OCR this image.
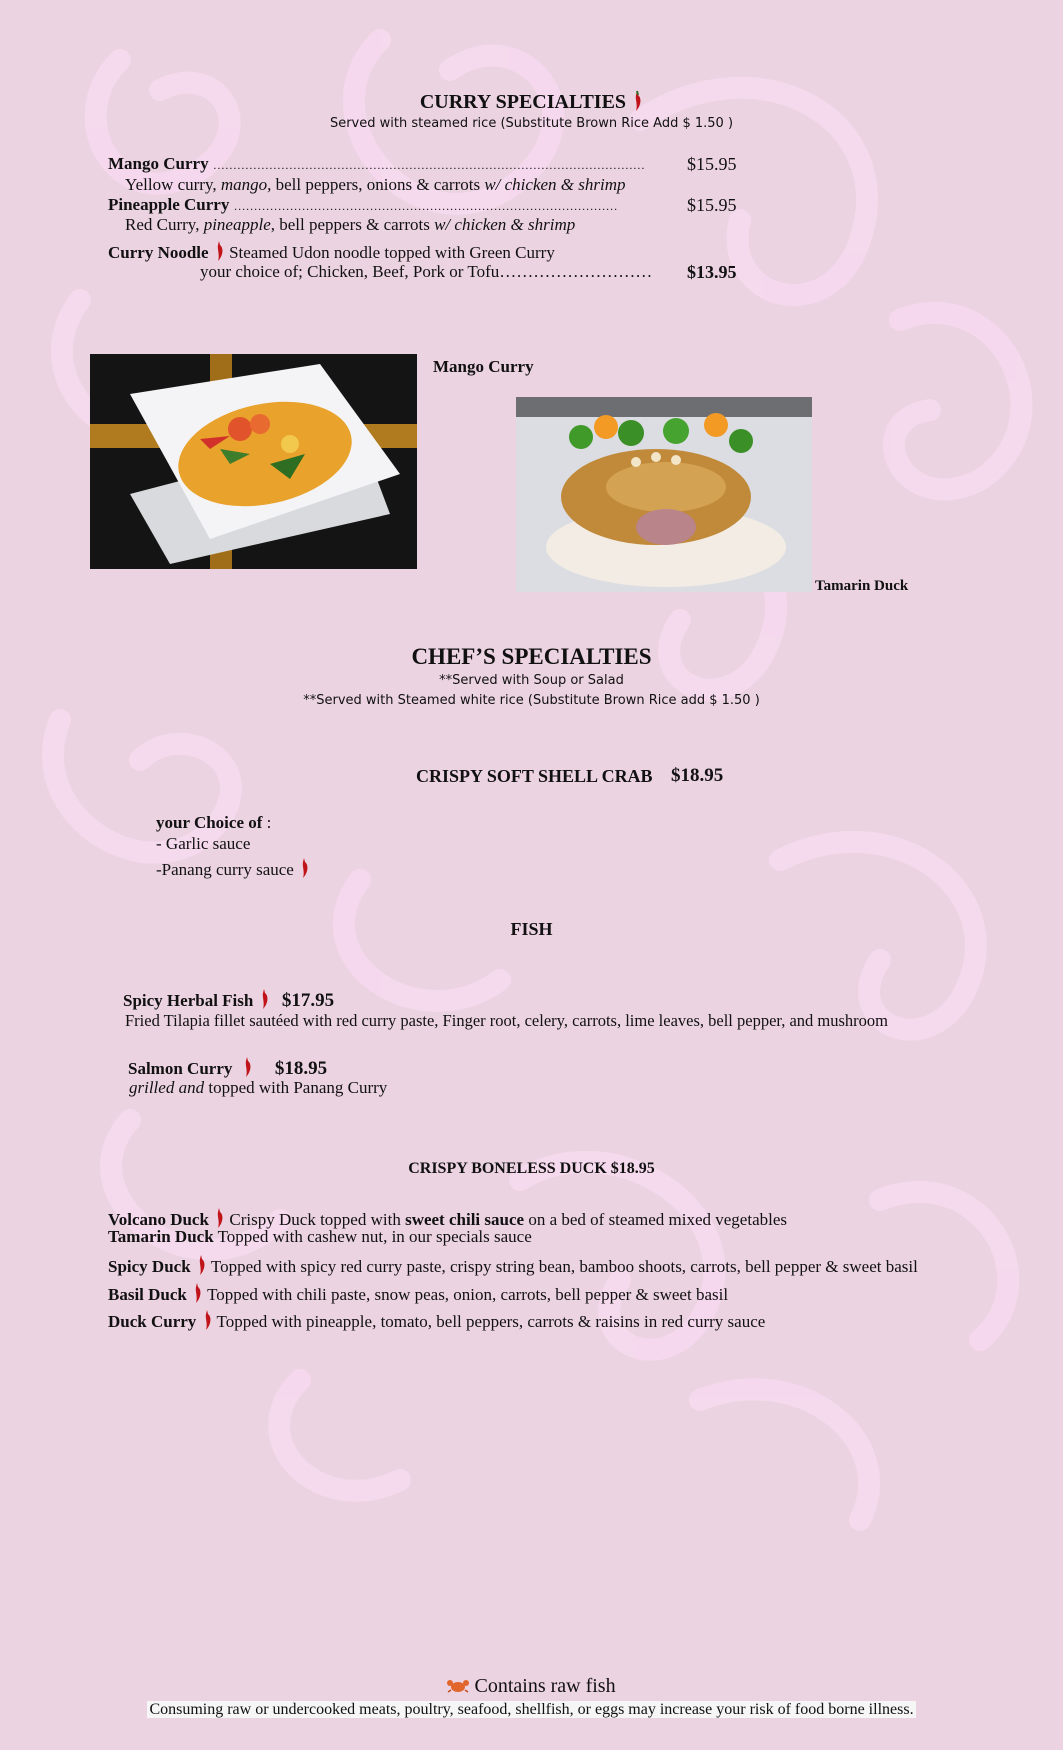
CURRY SPECIALTIES
Served with steamed rice (Substitute Brown Rice Add $ 1.50 )
Mango Curry ……………………………………………………………………………………………… $15.95
Yellow curry, mango, bell peppers, onions & carrots w/ chicken & shrimp
Pineapple Curry ……………………………………………………………………………………	$15.95
Red Curry, pineapple, bell peppers & carrots w/ chicken & shrimp
Curry Noodle Steamed Udon noodle topped with Green Curry
your choice of; Chicken, Beef, Pork or Tofu……………………… $13.95
Mango Curry
Tamarin Duck
CHEF’S SPECIALTIES
**Served with Soup or Salad
**Served with Steamed white rice (Substitute Brown Rice add $ 1.50 )
CRISPY SOFT SHELL CRAB $18.95
your Choice of :
- Garlic sauce
-Panang curry sauce
FISH
Spicy Herbal Fish $17.95
Fried Tilapia fillet sautéed with red curry paste, Finger root, celery, carrots, lime leaves, bell pepper, and mushroom
Salmon Curry $18.95
grilled and topped with Panang Curry
CRISPY BONELESS DUCK $18.95
Volcano Duck Crispy Duck topped with sweet chili sauce on a bed of steamed mixed vegetables
Tamarin Duck Topped with cashew nut, in our specials sauce
Spicy Duck Topped with spicy red curry paste, crispy string bean, bamboo shoots, carrots, bell pepper & sweet basil
Basil Duck Topped with chili paste, snow peas, onion, carrots, bell pepper & sweet basil
Duck Curry Topped with pineapple, tomato, bell peppers, carrots & raisins in red curry sauce
Contains raw fish
Consuming raw or undercooked meats, poultry, seafood, shellfish, or eggs may increase your risk of food borne illness.
